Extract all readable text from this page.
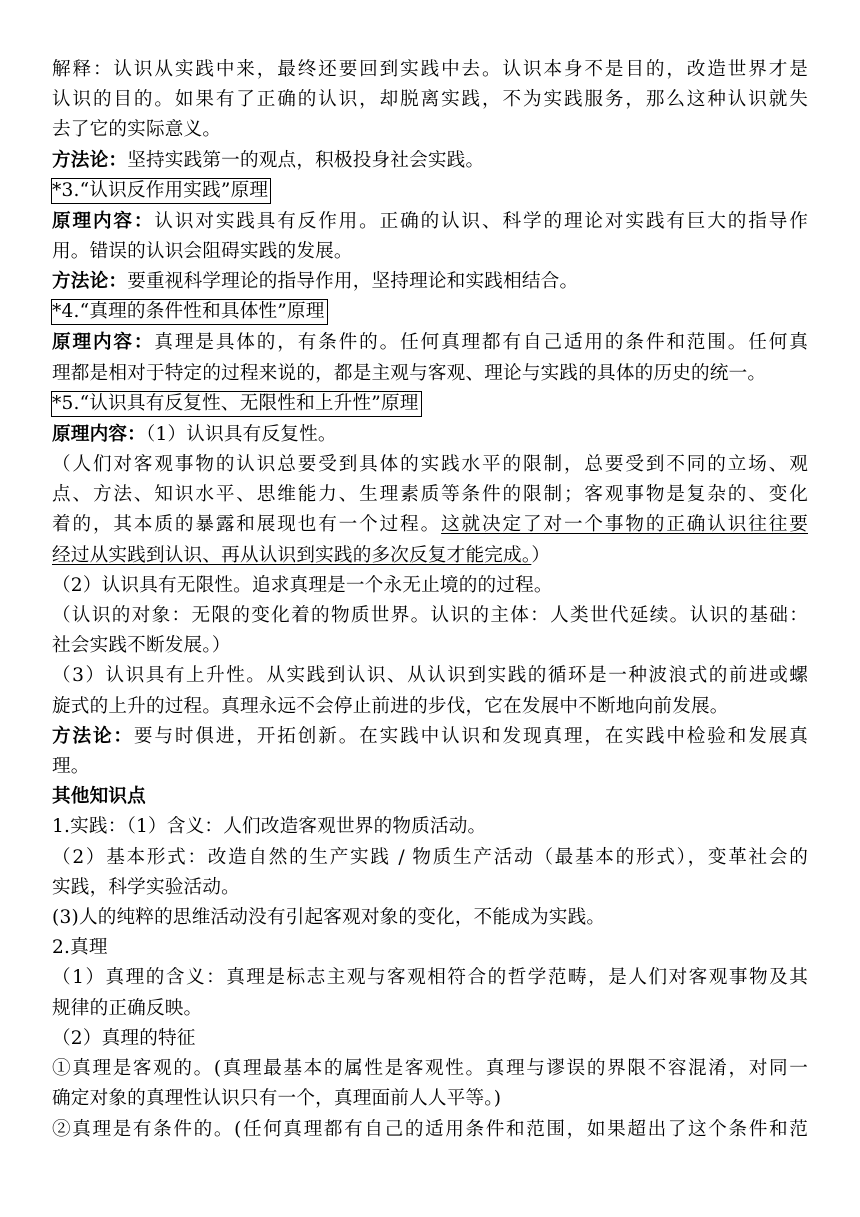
解释：认识从实践中来，最终还要回到实践中去。认识本身不是目的，改造世界才是
认识的目的。如果有了正确的认识，却脱离实践，不为实践服务，那么这种认识就失
去了它的实际意义。
方法论：坚持实践第一的观点，积极投身社会实践。
*3.“认识反作用实践”原理
原理内容：认识对实践具有反作用。正确的认识、科学的理论对实践有巨大的指导作
用。错误的认识会阻碍实践的发展。
方法论：要重视科学理论的指导作用，坚持理论和实践相结合。
*4.“真理的条件性和具体性”原理
原理内容：真理是具体的，有条件的。任何真理都有自己适用的条件和范围。任何真
理都是相对于特定的过程来说的，都是主观与客观、理论与实践的具体的历史的统一。
*5.“认识具有反复性、无限性和上升性”原理
原理内容：（1）认识具有反复性。
（人们对客观事物的认识总要受到具体的实践水平的限制，总要受到不同的立场、观
点、方法、知识水平、思维能力、生理素质等条件的限制；客观事物是复杂的、变化
着的，其本质的暴露和展现也有一个过程。这就决定了对一个事物的正确认识往往要
经过从实践到认识、再从认识到实践的多次反复才能完成。）
（2）认识具有无限性。追求真理是一个永无止境的的过程。
（认识的对象：无限的变化着的物质世界。认识的主体：人类世代延续。认识的基础：
社会实践不断发展。）
（3）认识具有上升性。从实践到认识、从认识到实践的循环是一种波浪式的前进或螺
旋式的上升的过程。真理永远不会停止前进的步伐，它在发展中不断地向前发展。
方法论：要与时俱进，开拓创新。在实践中认识和发现真理，在实践中检验和发展真
理。
其他知识点
1.实践：（1）含义：人们改造客观世界的物质活动。
（2）基本形式：改造自然的生产实践 / 物质生产活动（最基本的形式），变革社会的
实践，科学实验活动。
(3)人的纯粹的思维活动没有引起客观对象的变化，不能成为实践。
2.真理
（1）真理的含义：真理是标志主观与客观相符合的哲学范畴，是人们对客观事物及其
规律的正确反映。
（2）真理的特征
①真理是客观的。(真理最基本的属性是客观性。真理与谬误的界限不容混淆，对同一
确定对象的真理性认识只有一个，真理面前人人平等。)
②真理是有条件的。(任何真理都有自己的适用条件和范围，如果超出了这个条件和范
